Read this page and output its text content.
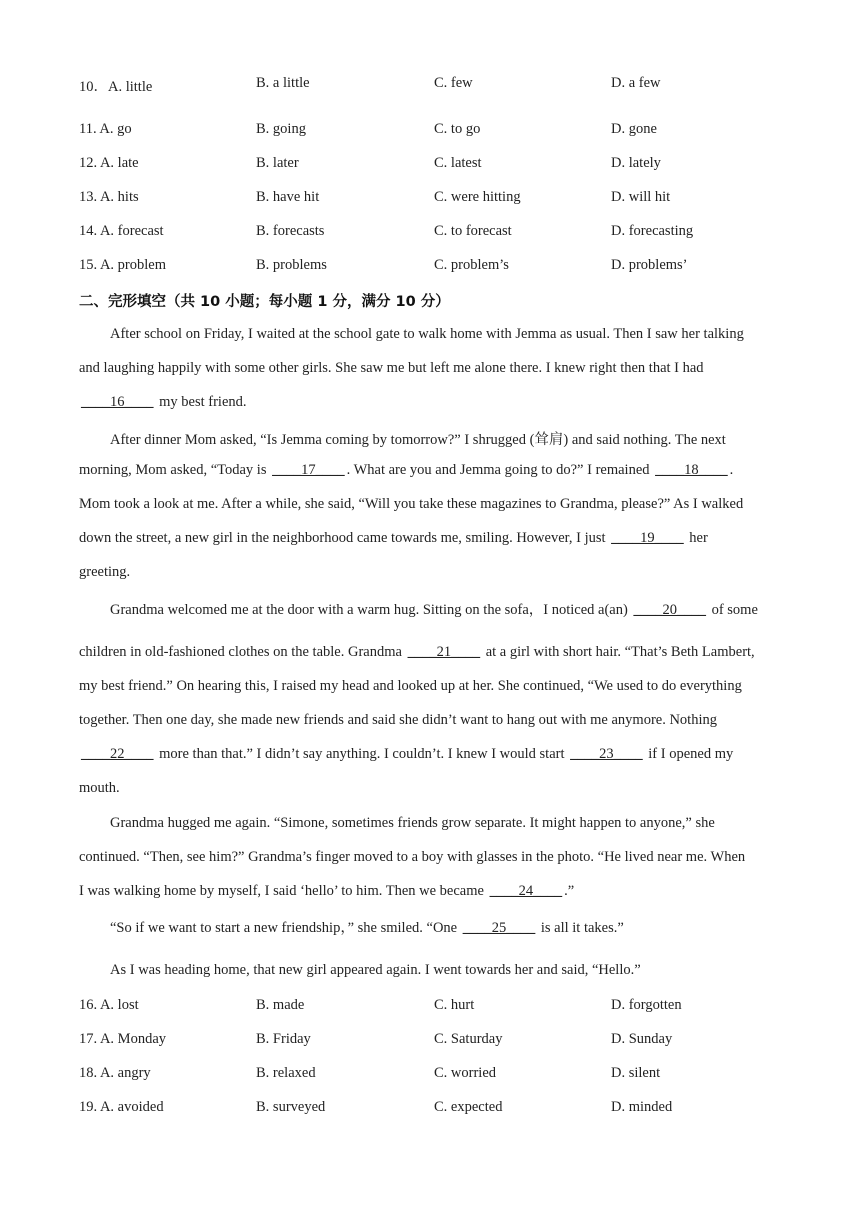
10．A. little	B. a little	C. few	D. a few
11. A. go	B. going	C. to go	D. gone
12. A. late	B. later	C. latest	D. lately
13. A. hits	B. have hit	C. were hitting	D. will hit
14. A. forecast	B. forecasts	C. to forecast	D. forecasting
15. A. problem	B. problems	C. problem’s	D. problems’
二、完形填空（共 10 小题；每小题 1 分，满分 10 分）
After school on Friday, I waited at the school gate to walk home with Jemma as usual. Then I saw her talking
and laughing happily with some other girls. She saw me but left me alone there. I knew right then that I had
____16____ my best friend.
After dinner Mom asked, “Is Jemma coming by tomorrow?” I shrugged (耸肩) and said nothing. The next
morning, Mom asked, “Today is ____17____ . What are you and Jemma going to do?” I remained ____18____ .
Mom took a look at me. After a while, she said, “Will you take these magazines to Grandma, please?” As I walked
down the street, a new girl in the neighborhood came towards me, smiling. However, I just ____19____ her
greeting.
Grandma welcomed me at the door with a warm hug. Sitting on the sofa，I noticed a(an) ____20____ of some
children in old-fashioned clothes on the table. Grandma ____21____ at a girl with short hair. “That’s Beth Lambert,
my best friend.” On hearing this, I raised my head and looked up at her. She continued, “We used to do everything
together. Then one day, she made new friends and said she didn’t want to hang out with me anymore. Nothing
____22____ more than that.” I didn’t say anything. I couldn’t. I knew I would start ____23____ if I opened my
mouth.
Grandma hugged me again. “Simone, sometimes friends grow separate. It might happen to anyone,” she
continued. “Then, see him?” Grandma’s finger moved to a boy with glasses in the photo. “He lived near me. When
I was walking home by myself, I said ‘hello’ to him. Then we became ____24____ .”
“So if we want to start a new friendship，” she smiled. “One ____25____ is all it takes.”
As I was heading home, that new girl appeared again. I went towards her and said, “Hello.”
16. A. lost	B. made	C. hurt	D. forgotten
17. A. Monday	B. Friday	C. Saturday	D. Sunday
18. A. angry	B. relaxed	C. worried	D. silent
19. A. avoided	B. surveyed	C. expected	D. minded
